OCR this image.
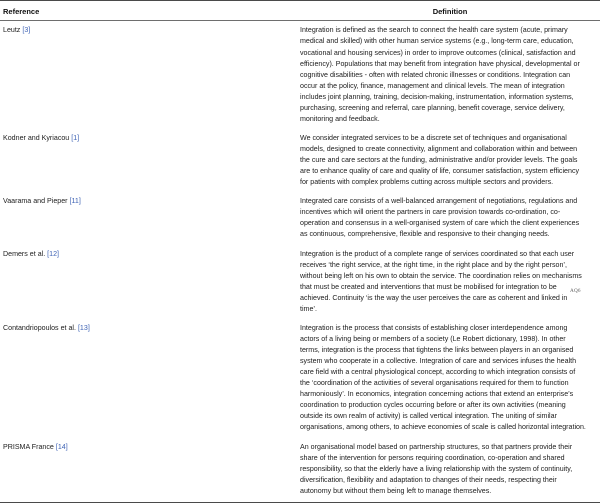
Reference	Definition
Leutz [3]	Integration is defined as the search to connect the health care system (acute, primary medical and skilled) with other human service systems (e.g., long-term care, education, vocational and housing services) in order to improve outcomes (clinical, satisfaction and efficiency). Populations that may benefit from integration have physical, developmental or cognitive disabilities - often with related chronic illnesses or conditions. Integration can occur at the policy, finance, management and clinical levels. The mean of integration includes joint planning, training, decision-making, instrumentation, information systems, purchasing, screening and referral, care planning, benefit coverage, service delivery, monitoring and feedback.
Kodner and Kyriacou [1]	We consider integrated services to be a discrete set of techniques and organisational models, designed to create connectivity, alignment and collaboration within and between the cure and care sectors at the funding, administrative and/or provider levels. The goals are to enhance quality of care and quality of life, consumer satisfaction, system efficiency for patients with complex problems cutting across multiple sectors and providers.
Vaarama and Pieper [11]	Integrated care consists of a well-balanced arrangement of negotiations, regulations and incentives which will orient the partners in care provision towards co-ordination, co-operation and consensus in a well-organised system of care which the client experiences as continuous, comprehensive, flexible and responsive to their changing needs.
Demers et al. [12]	Integration is the product of a complete range of services coordinated so that each user receives ‘the right service, at the right time, in the right place and by the right person’, without being left on his own to obtain the service. The coordination relies on mechanisms that must be created and interventions that must be mobilised for integration to be achieved. Continuity ‘is the way the user perceives the care as coherent and linked in time’.
Contandriopoulos et al. [13]	Integration is the process that consists of establishing closer interdependence among actors of a living being or members of a society (Le Robert dictionary, 1998). In other terms, integration is the process that tightens the links between players in an organised system who cooperate in a collective. Integration of care and services infuses the health care field with a central physiological concept, according to which integration consists of the ‘coordination of the activities of several organisations required for them to function harmoniously’. In economics, integration concerning actions that extend an enterprise’s coordination to production cycles occurring before or after its own activities (meaning outside its own realm of activity) is called vertical integration. The uniting of similar organisations, among others, to achieve economies of scale is called horizontal integration.
PRISMA France [14]	An organisational model based on partnership structures, so that partners provide their share of the intervention for persons requiring coordination, co-operation and shared responsibility, so that the elderly have a living relationship with the system of continuity, diversification, flexibility and adaptation to changes of their needs, respecting their autonomy but without them being left to manage themselves.
AQ6
